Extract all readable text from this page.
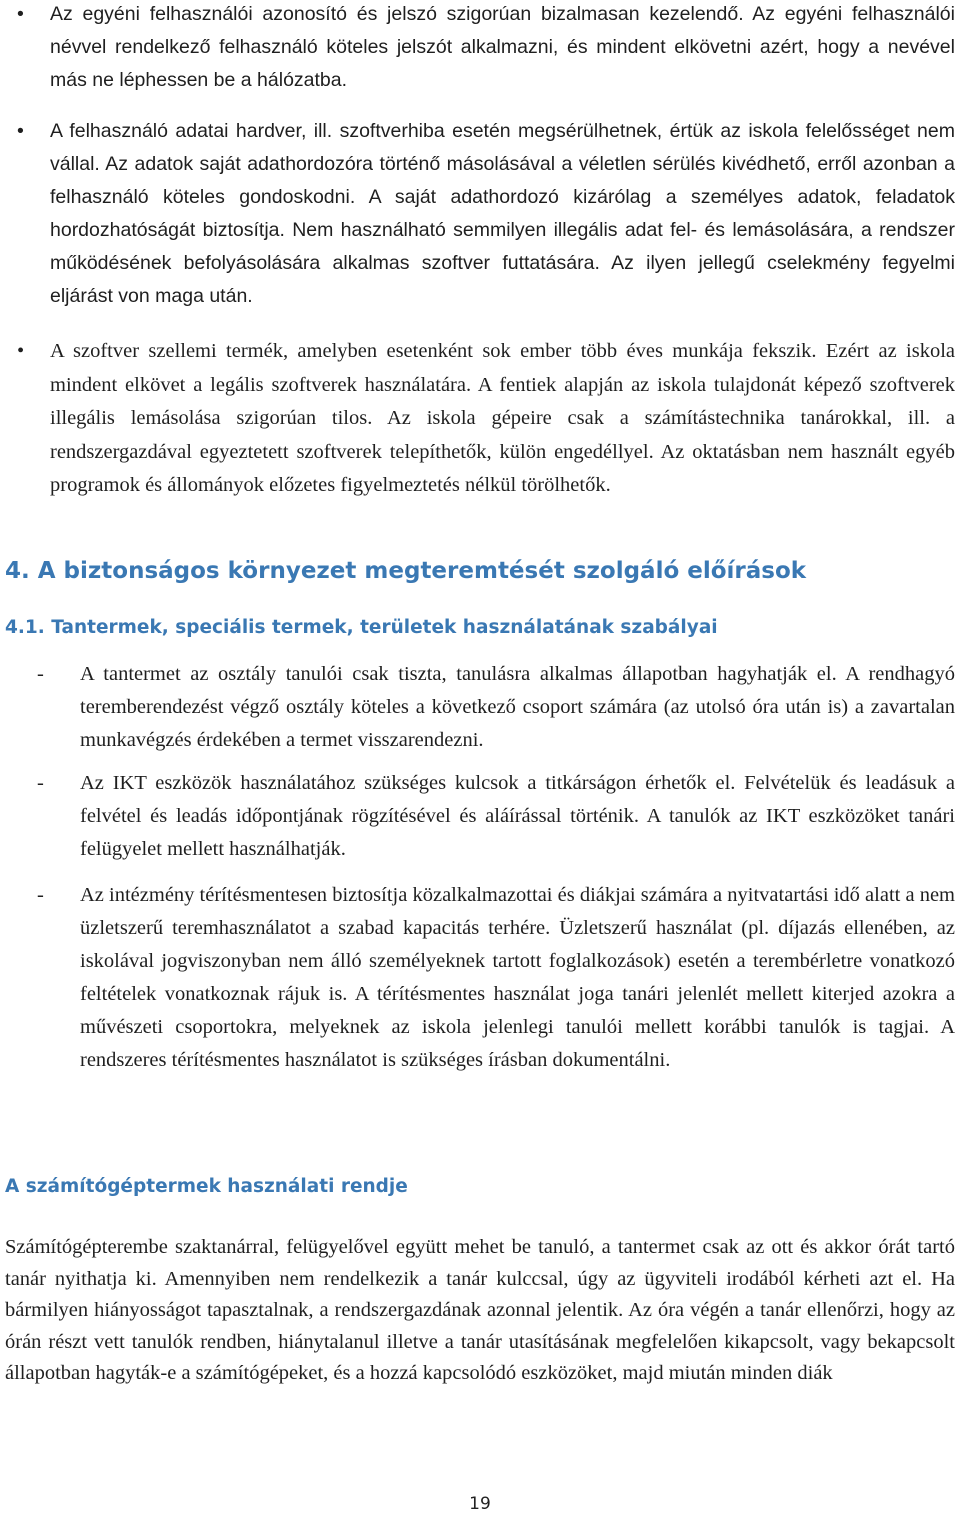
• Az egyéni felhasználói azonosító és jelszó szigorúan bizalmasan kezelendő. Az egyéni felhasználói névvel rendelkező felhasználó köteles jelszót alkalmazni, és mindent elkövetni azért, hogy a nevével más ne léphessen be a hálózatba.
• A felhasználó adatai hardver, ill. szoftverhiba esetén megsérülhetnek, értük az iskola felelősséget nem vállal. Az adatok saját adathordozóra történő másolásával a véletlen sérülés kivédhető, erről azonban a felhasználó köteles gondoskodni. A saját adathordozó kizárólag a személyes adatok, feladatok hordozhatóságát biztosítja. Nem használható semmilyen illegális adat fel- és lemásolására, a rendszer működésének befolyásolására alkalmas szoftver futtatására. Az ilyen jellegű cselekmény fegyelmi eljárást von maga után.
• A szoftver szellemi termék, amelyben esetenként sok ember több éves munkája fekszik. Ezért az iskola mindent elkövet a legális szoftverek használatára. A fentiek alapján az iskola tulajdonát képező szoftverek illegális lemásolása szigorúan tilos. Az iskola gépeire csak a számítástechnika tanárokkal, ill. a rendszergazdával egyeztetett szoftverek telepíthetők, külön engedéllyel. Az oktatásban nem használt egyéb programok és állományok előzetes figyelmeztetés nélkül törölhetők.
4. A biztonságos környezet megteremtését szolgáló előírások
4.1. Tantermek, speciális termek, területek használatának szabályai
- A tantermet az osztály tanulói csak tiszta, tanulásra alkalmas állapotban hagyhatják el. A rendhagyó teremberendezést végző osztály köteles a következő csoport számára (az utolsó óra után is) a zavartalan munkavégzés érdekében a termet visszarendezni.
- Az IKT eszközök használatához szükséges kulcsok a titkárságon érhetők el. Felvételük és leadásuk a felvétel és leadás időpontjának rögzítésével és aláírással történik. A tanulók az IKT eszközöket tanári felügyelet mellett használhatják.
- Az intézmény térítésmentesen biztosítja közalkalmazottai és diákjai számára a nyitvatartási idő alatt a nem üzletszerű teremhasználatot a szabad kapacitás terhére. Üzletszerű használat (pl. díjazás ellenében, az iskolával jogviszonyban nem álló személyeknek tartott foglalkozások) esetén a terembérletre vonatkozó feltételek vonatkoznak rájuk is. A térítésmentes használat joga tanári jelenlét mellett kiterjed azokra a művészeti csoportokra, melyeknek az iskola jelenlegi tanulói mellett korábbi tanulók is tagjai. A rendszeres térítésmentes használatot is szükséges írásban dokumentálni.
A számítógéptermek használati rendje
Számítógépterembe szaktanárral, felügyelővel együtt mehet be tanuló, a tantermet csak az ott és akkor órát tartó tanár nyithatja ki. Amennyiben nem rendelkezik a tanár kulccsal, úgy az ügyviteli irodából kérheti azt el. Ha bármilyen hiányosságot tapasztalnak, a rendszergazdának azonnal jelentik. Az óra végén a tanár ellenőrzi, hogy az órán részt vett tanulók rendben, hiánytalanul illetve a tanár utasításának megfelelően kikapcsolt, vagy bekapcsolt állapotban hagyták-e a számítógépeket, és a hozzá kapcsolódó eszközöket, majd miután minden diák
19
